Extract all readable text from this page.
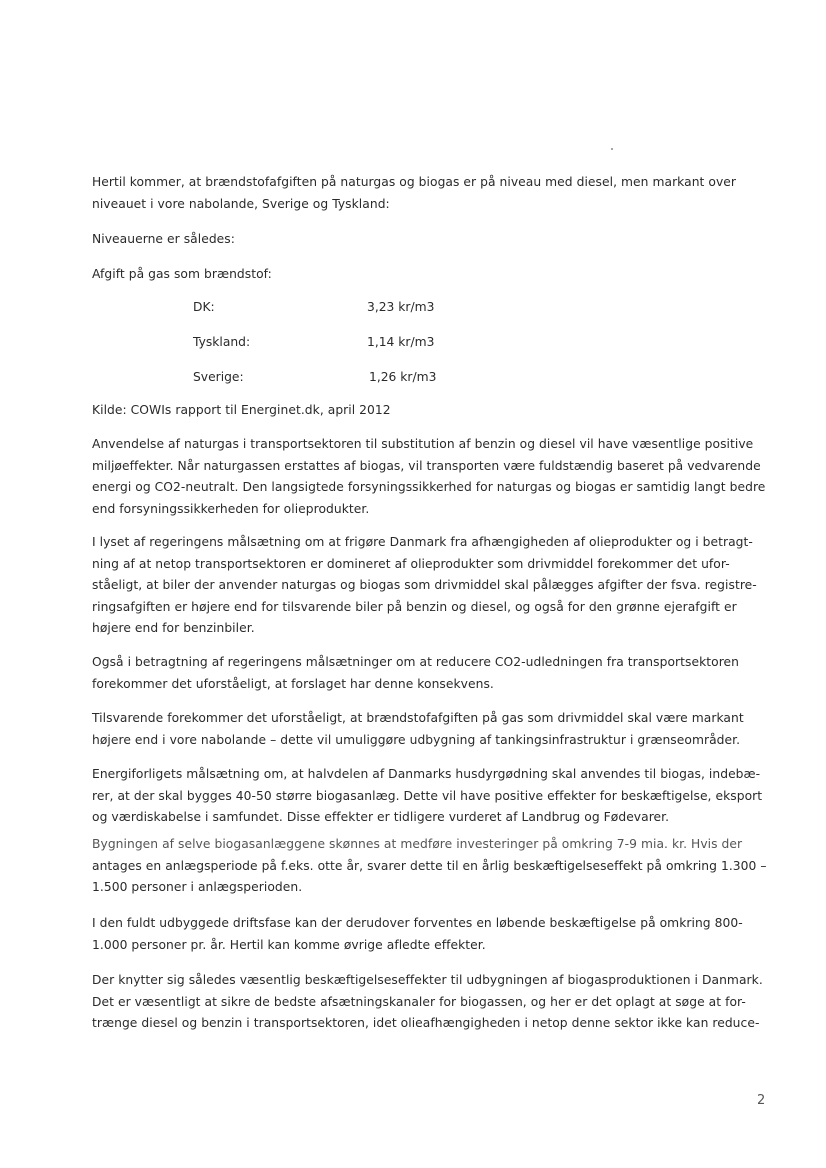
Hertil kommer, at brændstofafgiften på naturgas og biogas er på niveau med diesel, men markant over
niveauet i vore nabolande, Sverige og Tyskland:

Niveauerne er således:

Afgift på gas som brændstof:

DK:	3,23 kr/m3
Tyskland:	1,14 kr/m3
Sverige:	1,26 kr/m3

Kilde: COWIs rapport til Energinet.dk, april 2012

Anvendelse af naturgas i transportsektoren til substitution af benzin og diesel vil have væsentlige positive
miljøeffekter. Når naturgassen erstattes af biogas, vil transporten være fuldstændig baseret på vedvarende
energi og CO2-neutralt. Den langsigtede forsyningssikkerhed for naturgas og biogas er samtidig langt bedre
end forsyningssikkerheden for olieprodukter.

I lyset af regeringens målsætning om at frigøre Danmark fra afhængigheden af olieprodukter og i betragt-
ning af at netop transportsektoren er domineret af olieprodukter som drivmiddel forekommer det ufor-
ståeligt, at biler der anvender naturgas og biogas som drivmiddel skal pålægges afgifter der fsva. registre-
ringsafgiften er højere end for tilsvarende biler på benzin og diesel, og også for den grønne ejerafgift er
højere end for benzinbiler.

Også i betragtning af regeringens målsætninger om at reducere CO2-udledningen fra transportsektoren
forekommer det uforståeligt, at forslaget har denne konsekvens.

Tilsvarende forekommer det uforståeligt, at brændstofafgiften på gas som drivmiddel skal være markant
højere end i vore nabolande – dette vil umuliggøre udbygning af tankingsinfrastruktur i grænseområder.

Energiforligets målsætning om, at halvdelen af Danmarks husdyrgødning skal anvendes til biogas, indebæ-
rer, at der skal bygges 40-50 større biogasanlæg. Dette vil have positive effekter for beskæftigelse, eksport
og værdiskabelse i samfundet. Disse effekter er tidligere vurderet af Landbrug og Fødevarer.

Bygningen af selve biogasanlæggene skønnes at medføre investeringer på omkring 7-9 mia. kr. Hvis der
antages en anlægsperiode på f.eks. otte år, svarer dette til en årlig beskæftigelseseffekt på omkring 1.300 –
1.500 personer i anlægsperioden.

I den fuldt udbyggede driftsfase kan der derudover forventes en løbende beskæftigelse på omkring 800-
1.000 personer pr. år. Hertil kan komme øvrige afledte effekter.

Der knytter sig således væsentlig beskæftigelseseffekter til udbygningen af biogasproduktionen i Danmark.
Det er væsentligt at sikre de bedste afsætningskanaler for biogassen, og her er det oplagt at søge at for-
trænge diesel og benzin i transportsektoren, idet olieafhængigheden i netop denne sektor ikke kan reduce-

2
